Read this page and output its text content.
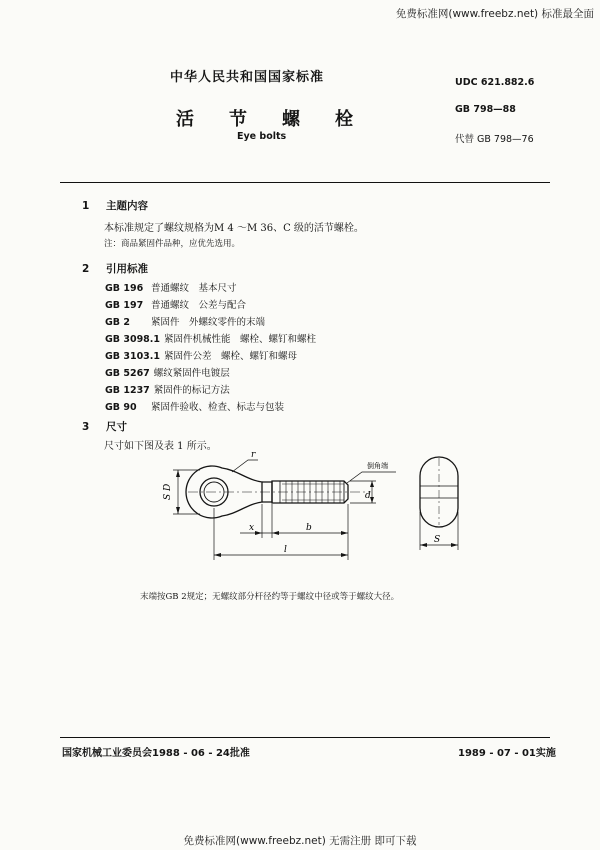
免费标准网(www.freebz.net) 标准最全面
中华人民共和国国家标准
活节螺栓
Eye bolts
UDC 621.882.6
GB 798—88
代替 GB 798—76
1 主题内容
本标准规定了螺纹规格为M 4 ～M 36、C 级的活节螺栓。
注：商品紧固件品种，应优先选用。
2 引用标准
GB 196 普通螺纹　基本尺寸
GB 197 普通螺纹　公差与配合
GB 2 紧固件　外螺纹零件的末端
GB 3098.1 紧固件机械性能　螺栓、螺钉和螺柱
GB 3103.1 紧固件公差　螺栓、螺钉和螺母
GB 5267 螺纹紧固件电镀层
GB 1237 紧固件的标记方法
GB 90 紧固件验收、检查、标志与包装
3 尺寸
尺寸如下图及表 1 所示。
r
倒角端
S D	d
x	b
l
S
末端按GB 2规定；无螺纹部分杆径约等于螺纹中径或等于螺纹大径。
国家机械工业委员会1988 - 06 - 24批准	1989 - 07 - 01实施
免费标准网(www.freebz.net) 无需注册 即可下载
